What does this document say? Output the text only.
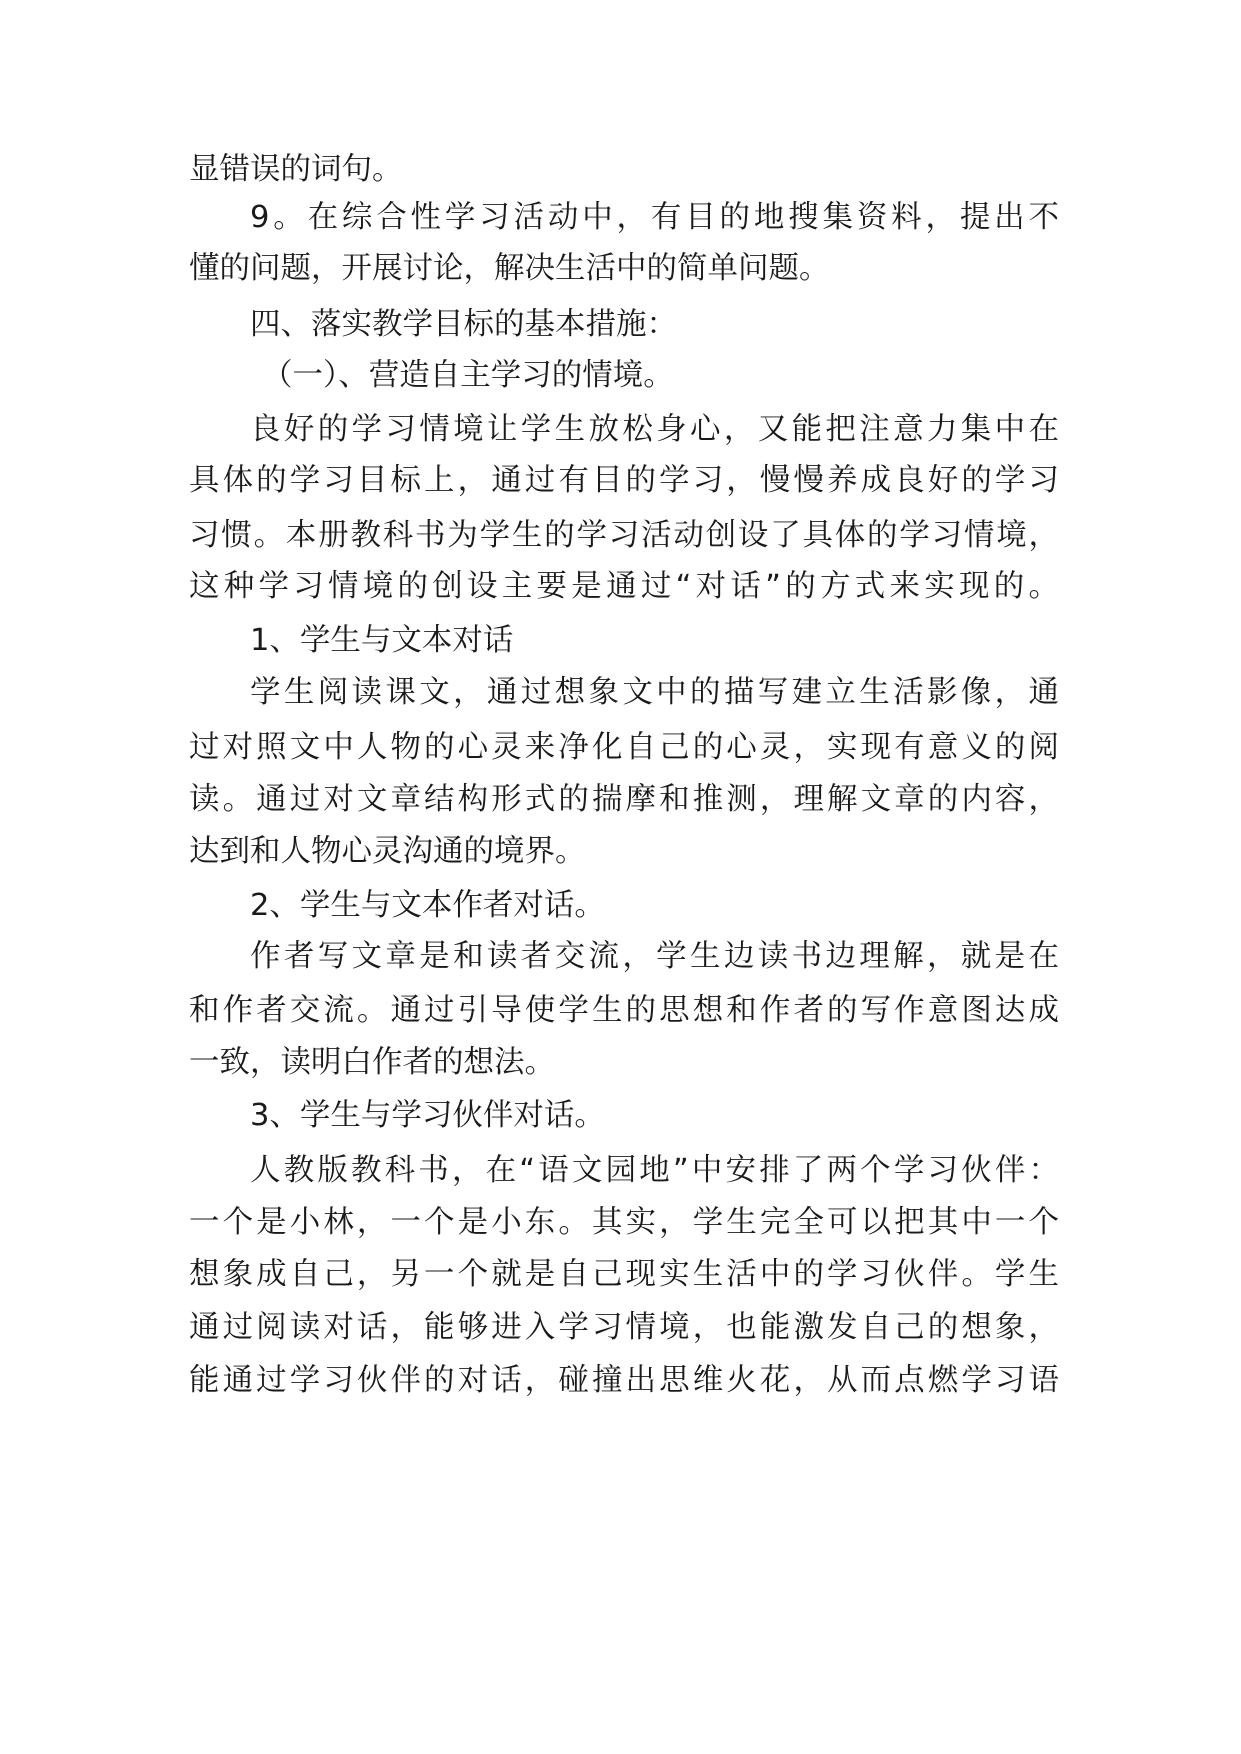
显错误的词句。
9。在综合性学习活动中，有目的地搜集资料，提出不
懂的问题，开展讨论，解决生活中的简单问题。
四、落实教学目标的基本措施：
（一）、营造自主学习的情境。
良好的学习情境让学生放松身心，又能把注意力集中在
具体的学习目标上，通过有目的学习，慢慢养成良好的学习
习惯。本册教科书为学生的学习活动创设了具体的学习情境，
这种学习情境的创设主要是通过“对话”的方式来实现的。
1、学生与文本对话
学生阅读课文，通过想象文中的描写建立生活影像，通
过对照文中人物的心灵来净化自己的心灵，实现有意义的阅
读。通过对文章结构形式的揣摩和推测，理解文章的内容，
达到和人物心灵沟通的境界。
2、学生与文本作者对话。
作者写文章是和读者交流，学生边读书边理解，就是在
和作者交流。通过引导使学生的思想和作者的写作意图达成
一致，读明白作者的想法。
3、学生与学习伙伴对话。
人教版教科书，在“语文园地”中安排了两个学习伙伴：
一个是小林，一个是小东。其实，学生完全可以把其中一个
想象成自己，另一个就是自己现实生活中的学习伙伴。学生
通过阅读对话，能够进入学习情境，也能激发自己的想象，
能通过学习伙伴的对话，碰撞出思维火花，从而点燃学习语
